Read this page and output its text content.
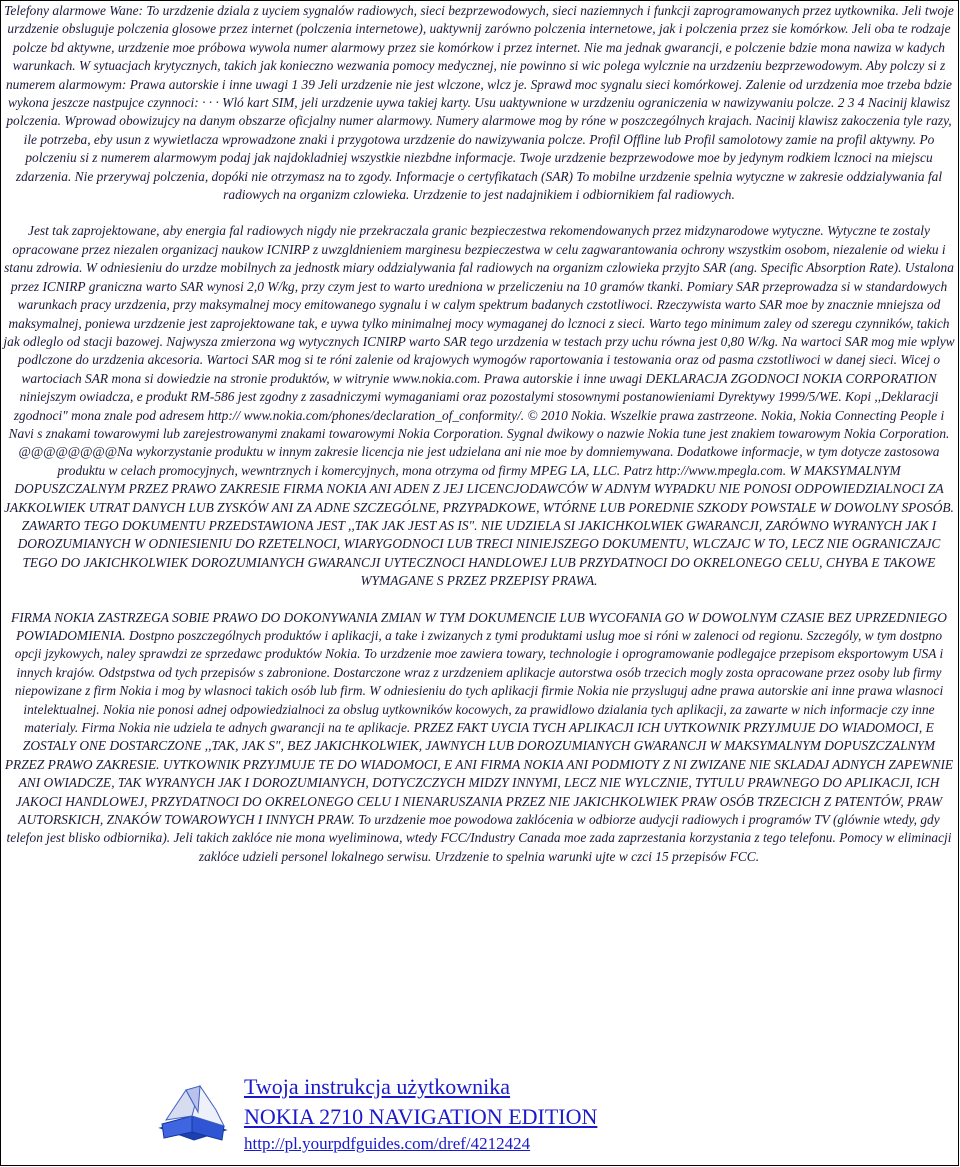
Telefony alarmowe Wane: To urzdzenie dziala z uyciem sygnalów radiowych, sieci bezprzewodowych, sieci naziemnych i funkcji zaprogramowanych przez uytkownika. Jeli twoje urzdzenie obsluguje polczenia glosowe przez internet (polczenia internetowe), uaktywnij zarówno polczenia internetowe, jak i polczenia przez sie komórkow. Jeli oba te rodzaje polcze bd aktywne, urzdzenie moe próbowa wywola numer alarmowy przez sie komórkow i przez internet. Nie ma jednak gwarancji, e polczenie bdzie mona nawiza w kadych warunkach. W sytuacjach krytycznych, takich jak konieczno wezwania pomocy medycznej, nie powinno si wic polega wylcznie na urzdzeniu bezprzewodowym. Aby polczy si z numerem alarmowym: Prawa autorskie i inne uwagi 1 39 Jeli urzdzenie nie jest wlczone, wlcz je. Sprawd moc sygnalu sieci komórkowej. Zalenie od urzdzenia moe trzeba bdzie wykona jeszcze nastpujce czynnoci: · · · Wló kart SIM, jeli urzdzenie uywa takiej karty. Usu uaktywnione w urzdzeniu ograniczenia w nawizywaniu polcze. 2 3 4 Nacinij klawisz polczenia. Wprowad obowizujcy na danym obszarze oficjalny numer alarmowy. Numery alarmowe mog by róne w poszczególnych krajach. Nacinij klawisz zakoczenia tyle razy, ile potrzeba, eby usun z wywietlacza wprowadzone znaki i przygotowa urzdzenie do nawizywania polcze. Profil Offline lub Profil samolotowy zamie na profil aktywny. Po polczeniu si z numerem alarmowym podaj jak najdokladniej wszystkie niezbdne informacje. Twoje urzdzenie bezprzewodowe moe by jedynym rodkiem lcznoci na miejscu zdarzenia. Nie przerywaj polczenia, dopóki nie otrzymasz na to zgody. Informacje o certyfikatach (SAR) To mobilne urzdzenie spelnia wytyczne w zakresie oddzialywania fal radiowych na organizm czlowieka. Urzdzenie to jest nadajnikiem i odbiornikiem fal radiowych.

Jest tak zaprojektowane, aby energia fal radiowych nigdy nie przekraczala granic bezpieczestwa rekomendowanych przez midzynarodowe wytyczne. Wytyczne te zostaly opracowane przez niezalen organizacj naukow ICNIRP z uwzgldnieniem marginesu bezpieczestwa w celu zagwarantowania ochrony wszystkim osobom, niezalenie od wieku i stanu zdrowia. W odniesieniu do urzdze mobilnych za jednostk miary oddzialywania fal radiowych na organizm czlowieka przyjto SAR (ang. Specific Absorption Rate). Ustalona przez ICNIRP graniczna warto SAR wynosi 2,0 W/kg, przy czym jest to warto uredniona w przeliczeniu na 10 gramów tkanki. Pomiary SAR przeprowadza si w standardowych warunkach pracy urzdzenia, przy maksymalnej mocy emitowanego sygnalu i w calym spektrum badanych czstotliwoci. Rzeczywista warto SAR moe by znacznie mniejsza od maksymalnej, poniewa urzdzenie jest zaprojektowane tak, e uywa tylko minimalnej mocy wymaganej do lcznoci z sieci. Warto tego minimum zaley od szeregu czynników, takich jak odleglo od stacji bazowej. Najwysza zmierzona wg wytycznych ICNIRP warto SAR tego urzdzenia w testach przy uchu równa jest 0,80 W/kg. Na wartoci SAR mog mie wplyw podlczone do urzdzenia akcesoria. Wartoci SAR mog si te róni zalenie od krajowych wymogów raportowania i testowania oraz od pasma czstotliwoci w danej sieci. Wicej o wartociach SAR mona si dowiedzie na stronie produktów, w witrynie www.nokia.com. Prawa autorskie i inne uwagi DEKLARACJA ZGODNOCI NOKIA CORPORATION niniejszym owiadcza, e produkt RM-586 jest zgodny z zasadniczymi wymaganiami oraz pozostalymi stosownymi postanowieniami Dyrektywy 1999/5/WE. Kopi ,,Deklaracji zgodnoci" mona znale pod adresem http:// www.nokia.com/phones/declaration_of_conformity/. © 2010 Nokia. Wszelkie prawa zastrzeone. Nokia, Nokia Connecting People i Navi s znakami towarowymi lub zarejestrowanymi znakami towarowymi Nokia Corporation. Sygnal dwikowy o nazwie Nokia tune jest znakiem towarowym Nokia Corporation. @@@@@@@@Na wykorzystanie produktu w innym zakresie licencja nie jest udzielana ani nie moe by domniemywana. Dodatkowe informacje, w tym dotycze zastosowa produktu w celach promocyjnych, wewntrznych i komercyjnych, mona otrzyma od firmy MPEG LA, LLC. Patrz http://www.mpegla.com. W MAKSYMALNYM DOPUSZCZALNYM PRZEZ PRAWO ZAKRESIE FIRMA NOKIA ANI ADEN Z JEJ LICENCJODAWCÓW W ADNYM WYPADKU NIE PONOSI ODPOWIEDZIALNOCI ZA JAKKOLWIEK UTRAT DANYCH LUB ZYSKÓW ANI ZA ADNE SZCZEGÓLNE, PRZYPADKOWE, WTÓRNE LUB POREDNIE SZKODY POWSTALE W DOWOLNY SPOSÓB. ZAWARTO TEGO DOKUMENTU PRZEDSTAWIONA JEST ,,TAK JAK JEST AS IS". NIE UDZIELA SI JAKICHKOLWIEK GWARANCJI, ZARÓWNO WYRANYCH JAK I DOROZUMIANYCH W ODNIESIENIU DO RZETELNOCI, WIARYGODNOCI LUB TRECI NINIEJSZEGO DOKUMENTU, WLCZAJC W TO, LECZ NIE OGRANICZAJC TEGO DO JAKICHKOLWIEK DOROZUMIANYCH GWARANCJI UYTECZNOCI HANDLOWEJ LUB PRZYDATNOCI DO OKRELONEGO CELU, CHYBA E TAKOWE WYMAGANE S PRZEZ PRZEPISY PRAWA.

FIRMA NOKIA ZASTRZEGA SOBIE PRAWO DO DOKONYWANIA ZMIAN W TYM DOKUMENCIE LUB WYCOFANIA GO W DOWOLNYM CZASIE BEZ UPRZEDNIEGO POWIADOMIENIA. Dostpno poszczególnych produktów i aplikacji, a take i zwizanych z tymi produktami uslug moe si róni w zalenoci od regionu. Szczególy, w tym dostpno opcji jzykowych, naley sprawdzi ze sprzedawc produktów Nokia. To urzdzenie moe zawiera towary, technologie i oprogramowanie podlegajce przepisom eksportowym USA i innych krajów. Odstpstwa od tych przepisów s zabronione. Dostarczone wraz z urzdzeniem aplikacje autorstwa osób trzecich mogly zosta opracowane przez osoby lub firmy niepowizane z firm Nokia i mog by wlasnoci takich osób lub firm. W odniesieniu do tych aplikacji firmie Nokia nie przysluguj adne prawa autorskie ani inne prawa wlasnoci intelektualnej. Nokia nie ponosi adnej odpowiedzialnoci za obslug uytkowników kocowych, za prawidlowo dzialania tych aplikacji, za zawarte w nich informacje czy inne materialy. Firma Nokia nie udziela te adnych gwarancji na te aplikacje. PRZEZ FAKT UYCIA TYCH APLIKACJI ICH UYTKOWNIK PRZYJMUJE DO WIADOMOCI, E ZOSTALY ONE DOSTARCZONE ,,TAK, JAK S", BEZ JAKICHKOLWIEK, JAWNYCH LUB DOROZUMIANYCH GWARANCJI W MAKSYMALNYM DOPUSZCZALNYM PRZEZ PRAWO ZAKRESIE. UYTKOWNIK PRZYJMUJE TE DO WIADOMOCI, E ANI FIRMA NOKIA ANI PODMIOTY Z NI ZWIZANE NIE SKLADAJ ADNYCH ZAPEWNIE ANI OWIADCZE, TAK WYRANYCH JAK I DOROZUMIANYCH, DOTYCZCZYCH MIDZY INNYMI, LECZ NIE WYLCZNIE, TYTULU PRAWNEGO DO APLIKACJI, ICH JAKOCI HANDLOWEJ, PRZYDATNOCI DO OKRELONEGO CELU I NIENARUSZANIA PRZEZ NIE JAKICHKOLWIEK PRAW OSÓB TRZECICH Z PATENTÓW, PRAW AUTORSKICH, ZNAKÓW TOWAROWYCH I INNYCH PRAW. To urzdzenie moe powodowa zaklócenia w odbiorze audycji radiowych i programów TV (glównie wtedy, gdy telefon jest blisko odbiornika). Jeli takich zaklóce nie mona wyeliminowa, wtedy FCC/Industry Canada moe zada zaprzestania korzystania z tego telefonu. Pomocy w eliminacji zaklóce udzieli personel lokalnego serwisu. Urzdzenie to spelnia warunki ujte w czci 15 przepisów FCC.

Twoja instrukcja użytkownika
NOKIA 2710 NAVIGATION EDITION
http://pl.yourpdfguides.com/dref/4212424
